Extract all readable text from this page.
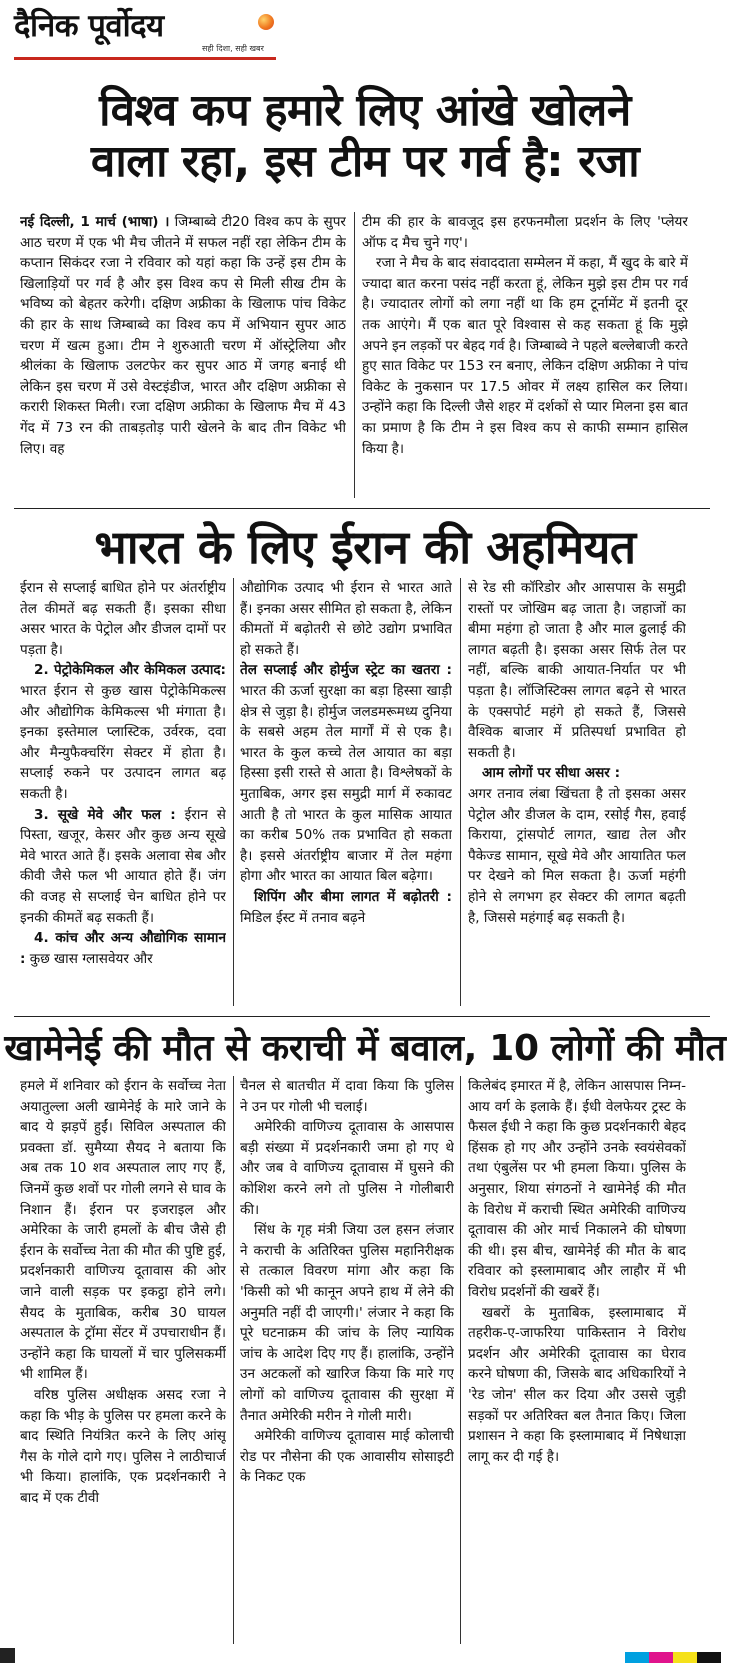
दैनिक पूर्वोदय
सही दिशा, सही खबर
विश्व कप हमारे लिए आंखे खोलने
वाला रहा, इस टीम पर गर्व है: रजा

नई दिल्ली, 1 मार्च (भाषा) । जिम्बाब्वे टी20 विश्व कप के सुपर आठ चरण में एक भी मैच जीतने में सफल नहीं रहा लेकिन टीम के कप्तान सिकंदर रजा ने रविवार को यहां कहा कि उन्हें इस टीम के खिलाड़ियों पर गर्व है और इस विश्व कप से मिली सीख टीम के भविष्य को बेहतर करेगी। दक्षिण अफ्रीका के खिलाफ पांच विकेट की हार के साथ जिम्बाब्वे का विश्व कप में अभियान सुपर आठ चरण में खत्म हुआ। टीम ने शुरुआती चरण में ऑस्ट्रेलिया और श्रीलंका के खिलाफ उलटफेर कर सुपर आठ में जगह बनाई थी लेकिन इस चरण में उसे वेस्टइंडीज, भारत और दक्षिण अफ्रीका से करारी शिकस्त मिली। रजा दक्षिण अफ्रीका के खिलाफ मैच में 43 गेंद में 73 रन की ताबड़तोड़ पारी खेलने के बाद तीन विकेट भी लिए। वह

टीम की हार के बावजूद इस हरफनमौला प्रदर्शन के लिए 'प्लेयर ऑफ द मैच चुने गए'।

रजा ने मैच के बाद संवाददाता सम्मेलन में कहा, मैं खुद के बारे में ज्यादा बात करना पसंद नहीं करता हूं, लेकिन मुझे इस टीम पर गर्व है। ज्यादातर लोगों को लगा नहीं था कि हम टूर्नामेंट में इतनी दूर तक आएंगे। मैं एक बात पूरे विश्वास से कह सकता हूं कि मुझे अपने इन लड़कों पर बेहद गर्व है। जिम्बाब्वे ने पहले बल्लेबाजी करते हुए सात विकेट पर 153 रन बनाए, लेकिन दक्षिण अफ्रीका ने पांच विकेट के नुकसान पर 17.5 ओवर में लक्ष्य हासिल कर लिया। उन्होंने कहा कि दिल्ली जैसे शहर में दर्शकों से प्यार मिलना इस बात का प्रमाण है कि टीम ने इस विश्व कप से काफी सम्मान हासिल किया है।

भारत के लिए ईरान की अहमियत

ईरान से सप्लाई बाधित होने पर अंतर्राष्ट्रीय तेल कीमतें बढ़ सकती हैं। इसका सीधा असर भारत के पेट्रोल और डीजल दामों पर पड़ता है।

2. पेट्रोकेमिकल और केमिकल उत्पाद: भारत ईरान से कुछ खास पेट्रोकेमिकल्स और औद्योगिक केमिकल्स भी मंगाता है। इनका इस्तेमाल प्लास्टिक, उर्वरक, दवा और मैन्युफैक्चरिंग सेक्टर में होता है। सप्लाई रुकने पर उत्पादन लागत बढ़ सकती है।

3. सूखे मेवे और फल : ईरान से पिस्ता, खजूर, केसर और कुछ अन्य सूखे मेवे भारत आते हैं। इसके अलावा सेब और कीवी जैसे फल भी आयात होते हैं। जंग की वजह से सप्लाई चेन बाधित होने पर इनकी कीमतें बढ़ सकती हैं।

4. कांच और अन्य औद्योगिक सामान : कुछ खास ग्लासवेयर और

औद्योगिक उत्पाद भी ईरान से भारत आते हैं। इनका असर सीमित हो सकता है, लेकिन कीमतों में बढ़ोतरी से छोटे उद्योग प्रभावित हो सकते हैं।

तेल सप्लाई और होर्मुज स्ट्रेट का खतरा : भारत की ऊर्जा सुरक्षा का बड़ा हिस्सा खाड़ी क्षेत्र से जुड़ा है। होर्मुज जलडमरूमध्य दुनिया के सबसे अहम तेल मार्गों में से एक है। भारत के कुल कच्चे तेल आयात का बड़ा हिस्सा इसी रास्ते से आता है। विश्लेषकों के मुताबिक, अगर इस समुद्री मार्ग में रुकावट आती है तो भारत के कुल मासिक आयात का करीब 50% तक प्रभावित हो सकता है। इससे अंतर्राष्ट्रीय बाजार में तेल महंगा होगा और भारत का आयात बिल बढ़ेगा।

शिपिंग और बीमा लागत में बढ़ोतरी : मिडिल ईस्ट में तनाव बढ़ने

से रेड सी कॉरिडोर और आसपास के समुद्री रास्तों पर जोखिम बढ़ जाता है। जहाजों का बीमा महंगा हो जाता है और माल ढुलाई की लागत बढ़ती है। इसका असर सिर्फ तेल पर नहीं, बल्कि बाकी आयात-निर्यात पर भी पड़ता है। लॉजिस्टिक्स लागत बढ़ने से भारत के एक्सपोर्ट महंगे हो सकते हैं, जिससे वैश्विक बाजार में प्रतिस्पर्धा प्रभावित हो सकती है।

आम लोगों पर सीधा असर :

अगर तनाव लंबा खिंचता है तो इसका असर पेट्रोल और डीजल के दाम, रसोई गैस, हवाई किराया, ट्रांसपोर्ट लागत, खाद्य तेल और पैकेज्ड सामान, सूखे मेवे और आयातित फल पर देखने को मिल सकता है। ऊर्जा महंगी होने से लगभग हर सेक्टर की लागत बढ़ती है, जिससे महंगाई बढ़ सकती है।

खामेनेई की मौत से कराची में बवाल, 10 लोगों की मौत

हमले में शनिवार को ईरान के सर्वोच्च नेता अयातुल्ला अली खामेनेई के मारे जाने के बाद ये झड़पें हुईं। सिविल अस्पताल की प्रवक्ता डॉ. सुमैय्या सैयद ने बताया कि अब तक 10 शव अस्पताल लाए गए हैं, जिनमें कुछ शवों पर गोली लगने से घाव के निशान हैं। ईरान पर इजराइल और अमेरिका के जारी हमलों के बीच जैसे ही ईरान के सर्वोच्च नेता की मौत की पुष्टि हुई, प्रदर्शनकारी वाणिज्य दूतावास की ओर जाने वाली सड़क पर इकट्ठा होने लगे। सैयद के मुताबिक, करीब 30 घायल अस्पताल के ट्रॉमा सेंटर में उपचाराधीन हैं। उन्होंने कहा कि घायलों में चार पुलिसकर्मी भी शामिल हैं।

वरिष्ठ पुलिस अधीक्षक असद रजा ने कहा कि भीड़ के पुलिस पर हमला करने के बाद स्थिति नियंत्रित करने के लिए आंसू गैस के गोले दागे गए। पुलिस ने लाठीचार्ज भी किया। हालांकि, एक प्रदर्शनकारी ने बाद में एक टीवी

चैनल से बातचीत में दावा किया कि पुलिस ने उन पर गोली भी चलाई।

अमेरिकी वाणिज्य दूतावास के आसपास बड़ी संख्या में प्रदर्शनकारी जमा हो गए थे और जब वे वाणिज्य दूतावास में घुसने की कोशिश करने लगे तो पुलिस ने गोलीबारी की।

सिंध के गृह मंत्री जिया उल हसन लंजार ने कराची के अतिरिक्त पुलिस महानिरीक्षक से तत्काल विवरण मांगा और कहा कि 'किसी को भी कानून अपने हाथ में लेने की अनुमति नहीं दी जाएगी।' लंजार ने कहा कि पूरे घटनाक्रम की जांच के लिए न्यायिक जांच के आदेश दिए गए हैं। हालांकि, उन्होंने उन अटकलों को खारिज किया कि मारे गए लोगों को वाणिज्य दूतावास की सुरक्षा में तैनात अमेरिकी मरीन ने गोली मारी।

अमेरिकी वाणिज्य दूतावास माई कोलाची रोड पर नौसेना की एक आवासीय सोसाइटी के निकट एक

किलेबंद इमारत में है, लेकिन आसपास निम्न-आय वर्ग के इलाके हैं। ईधी वेलफेयर ट्रस्ट के फैसल ईधी ने कहा कि कुछ प्रदर्शनकारी बेहद हिंसक हो गए और उन्होंने उनके स्वयंसेवकों तथा एंबुलेंस पर भी हमला किया। पुलिस के अनुसार, शिया संगठनों ने खामेनेई की मौत के विरोध में कराची स्थित अमेरिकी वाणिज्य दूतावास की ओर मार्च निकालने की घोषणा की थी। इस बीच, खामेनेई की मौत के बाद रविवार को इस्लामाबाद और लाहौर में भी विरोध प्रदर्शनों की खबरें हैं।

खबरों के मुताबिक, इस्लामाबाद में तहरीक-ए-जाफरिया पाकिस्तान ने विरोध प्रदर्शन और अमेरिकी दूतावास का घेराव करने घोषणा की, जिसके बाद अधिकारियों ने 'रेड जोन' सील कर दिया और उससे जुड़ी सड़कों पर अतिरिक्त बल तैनात किए। जिला प्रशासन ने कहा कि इस्लामाबाद में निषेधाज्ञा लागू कर दी गई है।
